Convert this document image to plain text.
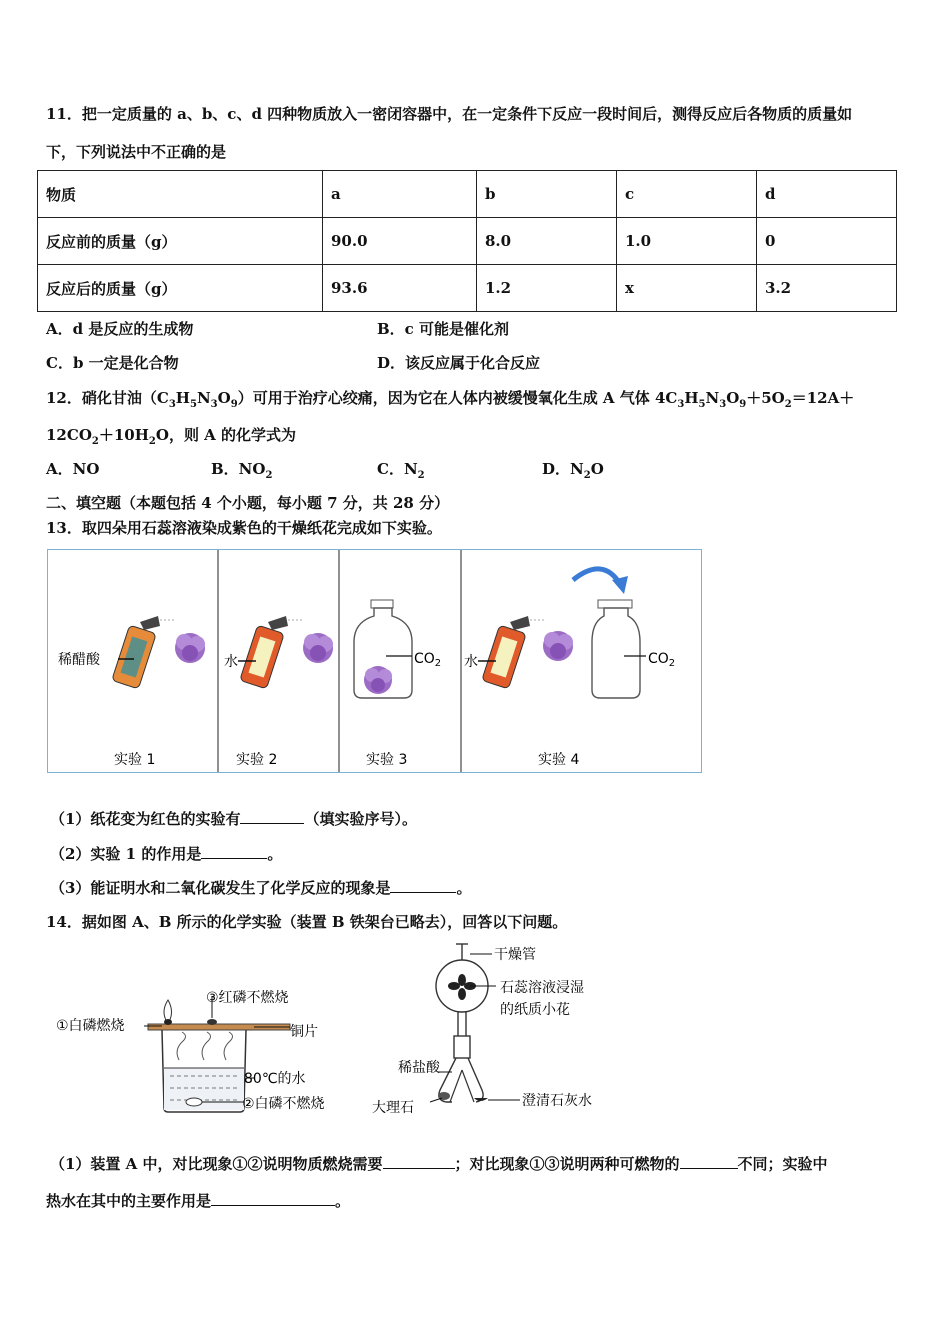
11．把一定质量的 a、b、c、d 四种物质放入一密闭容器中，在一定条件下反应一段时间后，测得反应后各物质的质量如
下，下列说法中不正确的是
物质	a	b	c	d
反应前的质量（g）	90.0	8.0	1.0	0
反应后的质量（g）	93.6	1.2	x	3.2
A．d 是反应的生成物	B．c 可能是催化剂
C．b 一定是化合物	D．该反应属于化合反应
12．硝化甘油$(C_3H_5N_3O_9)$可用于治疗心绞痛，因为它在人体内被缓慢氧化生成 A 气体 $4C_3H_5N_3O_9+5O_2=12A+$
$12CO_2+10H_2O$，则 A 的化学式为
A．NO	B．$NO_2$	C．$N_2$	D．$N_2O$
二、填空题（本题包括 4 个小题，每小题 7 分，共 28 分）
13．取四朵用石蕊溶液染成紫色的干燥纸花完成如下实验。
稀醋酸
实验 1
水
实验 2
$CO_2$
实验 3
水	$CO_2$
实验 4
（1）纸花变为红色的实验有	（填实验序号）。
（2）实验 1 的作用是	。
（3）能证明水和二氧化碳发生了化学反应的现象是	。
14．据如图 A、B 所示的化学实验（装置 B 铁架台已略去），回答以下问题。
①白磷燃烧
③红磷不燃烧
铜片
80℃的水
②白磷不燃烧
干燥管
石蕊溶液浸湿
的纸质小花
稀盐酸
大理石	澄清石灰水
（1）装置 A 中，对比现象①②说明物质燃烧需要	；对比现象①③说明两种可燃物的	不同；实验中
热水在其中的主要作用是	。
